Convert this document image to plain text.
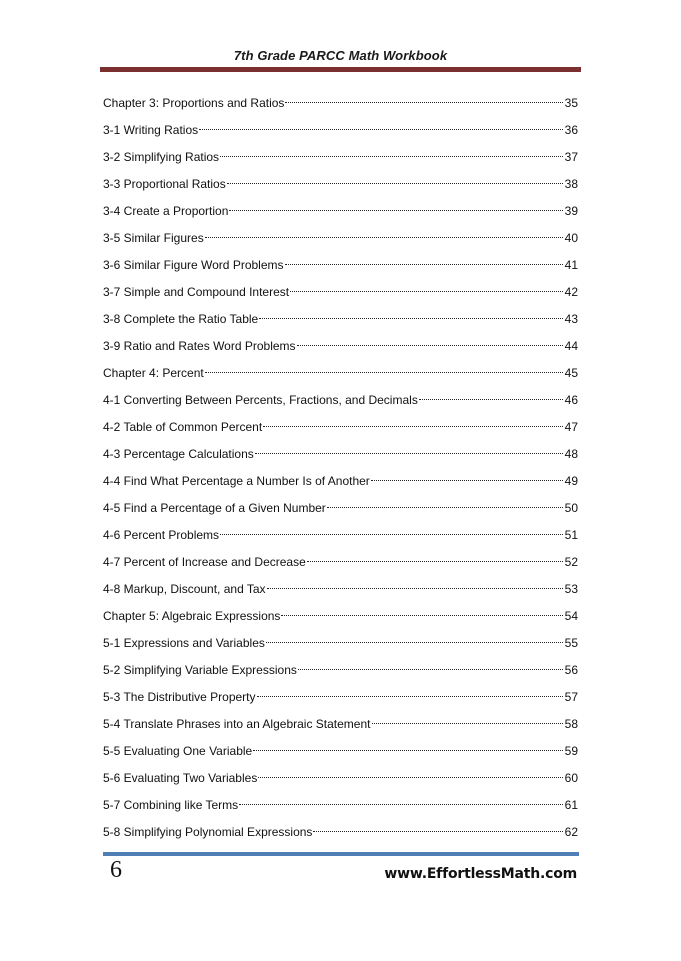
7th Grade PARCC Math Workbook
Chapter 3: Proportions and Ratios	35
3-1 Writing Ratios	36
3-2 Simplifying Ratios	37
3-3 Proportional Ratios	38
3-4 Create a Proportion	39
3-5 Similar Figures	40
3-6 Similar Figure Word Problems	41
3-7 Simple and Compound Interest	42
3-8 Complete the Ratio Table	43
3-9 Ratio and Rates Word Problems	44
Chapter 4: Percent	45
4-1 Converting Between Percents, Fractions, and Decimals	46
4-2 Table of Common Percent	47
4-3 Percentage Calculations	48
4-4 Find What Percentage a Number Is of Another	49
4-5 Find a Percentage of a Given Number	50
4-6 Percent Problems	51
4-7 Percent of Increase and Decrease	52
4-8 Markup, Discount, and Tax	53
Chapter 5: Algebraic Expressions	54
5-1 Expressions and Variables	55
5-2 Simplifying Variable Expressions	56
5-3 The Distributive Property	57
5-4 Translate Phrases into an Algebraic Statement	58
5-5 Evaluating One Variable	59
5-6 Evaluating Two Variables	60
5-7 Combining like Terms	61
5-8 Simplifying Polynomial Expressions	62
6	www.EffortlessMath.com
